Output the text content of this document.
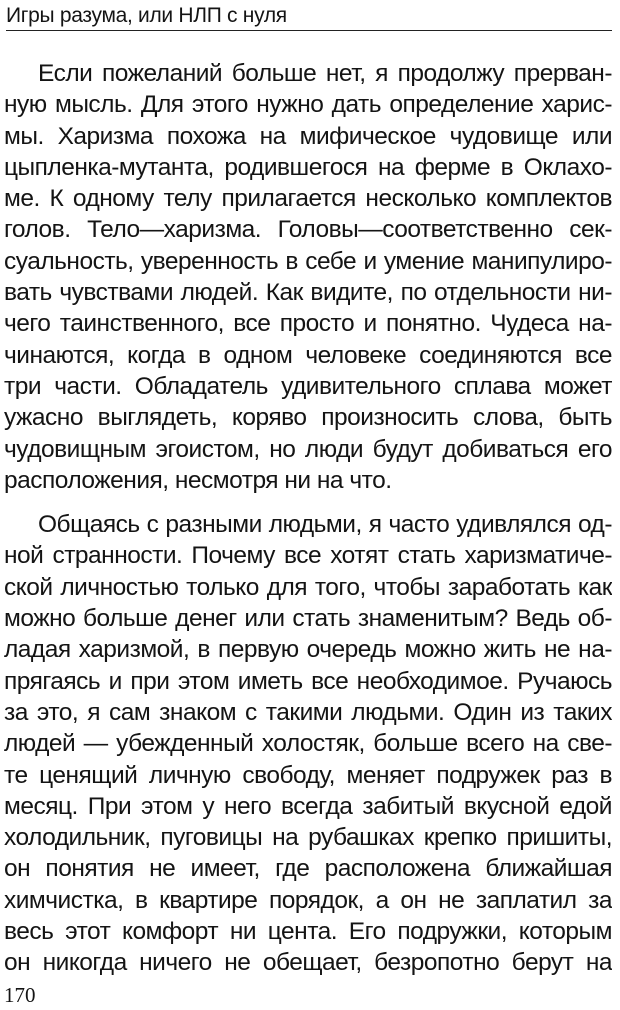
Игры разума, или НЛП с нуля
Если пожеланий больше нет, я продолжу прерван-
ную мысль. Для этого нужно дать определение харис-
мы. Харизма похожа на мифическое чудовище или
цыпленка-мутанта, родившегося на ферме в Оклахо-
ме. К одному телу прилагается несколько комплектов
голов. Тело—харизма. Головы—соответственно сек-
суальность, уверенность в себе и умение манипулиро-
вать чувствами людей. Как видите, по отдельности ни-
чего таинственного, все просто и понятно. Чудеса на-
чинаются, когда в одном человеке соединяются все
три части. Обладатель удивительного сплава может
ужасно выглядеть, коряво произносить слова, быть
чудовищным эгоистом, но люди будут добиваться его
расположения, несмотря ни на что.
Общаясь с разными людьми, я часто удивлялся од-
ной странности. Почему все хотят стать харизматиче-
ской личностью только для того, чтобы заработать как
можно больше денег или стать знаменитым? Ведь об-
ладая харизмой, в первую очередь можно жить не на-
прягаясь и при этом иметь все необходимое. Ручаюсь
за это, я сам знаком с такими людьми. Один из таких
людей — убежденный холостяк, больше всего на све-
те ценящий личную свободу, меняет подружек раз в
месяц. При этом у него всегда забитый вкусной едой
холодильник, пуговицы на рубашках крепко пришиты,
он понятия не имеет, где расположена ближайшая
химчистка, в квартире порядок, а он не заплатил за
весь этот комфорт ни цента. Его подружки, которым
он никогда ничего не обещает, безропотно берут на
170
